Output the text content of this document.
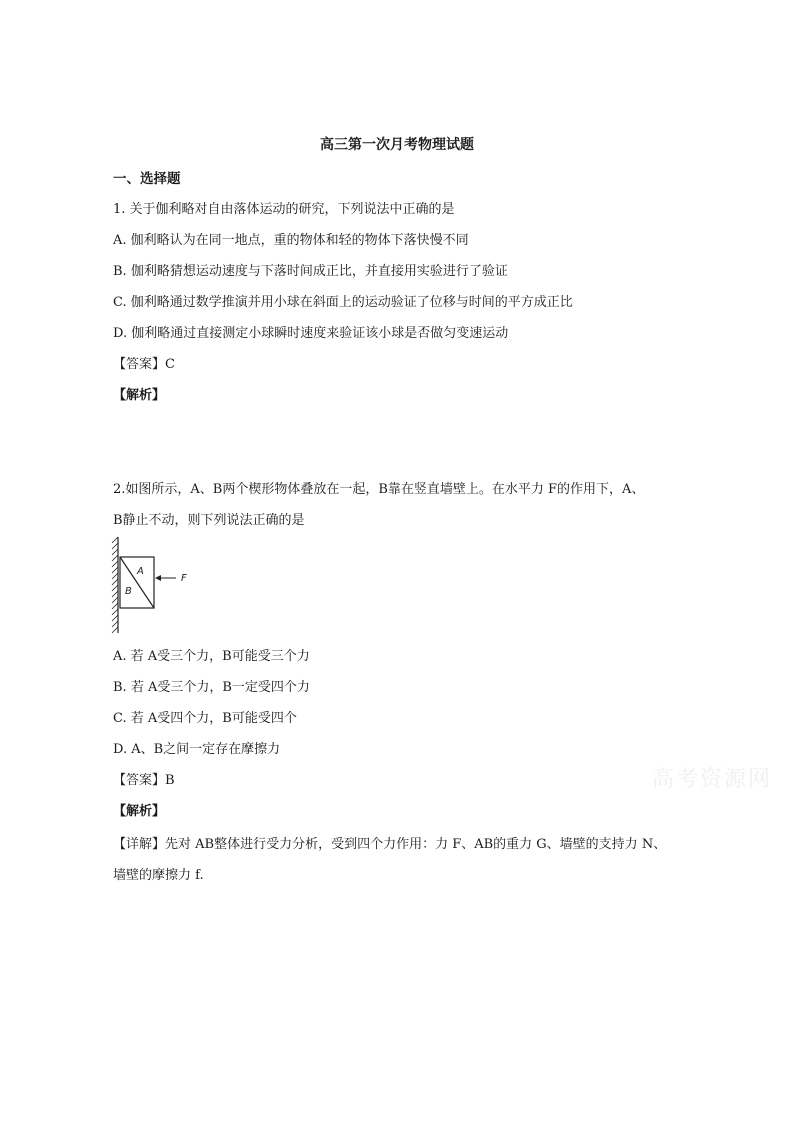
高三第一次月考物理试题
一、选择题
1. 关于伽利略对自由落体运动的研究，下列说法中正确的是
A. 伽利略认为在同一地点，重的物体和轻的物体下落快慢不同
B. 伽利略猜想运动速度与下落时间成正比，并直接用实验进行了验证
C. 伽利略通过数学推演并用小球在斜面上的运动验证了位移与时间的平方成正比
D. 伽利略通过直接测定小球瞬时速度来验证该小球是否做匀变速运动
【答案】C
【解析】
2.如图所示，A、B两个楔形物体叠放在一起，B靠在竖直墙壁上。在水平力 F的作用下，A、
B静止不动，则下列说法正确的是
A
B
F
A. 若 A受三个力，B可能受三个力
B. 若 A受三个力，B一定受四个力
C. 若 A受四个力，B可能受四个
D. A、B之间一定存在摩擦力
【答案】B
【解析】
【详解】先对 AB整体进行受力分析，受到四个力作用：力 F、AB的重力 G、墙壁的支持力 N、
墙壁的摩擦力 f.
高考资源网
